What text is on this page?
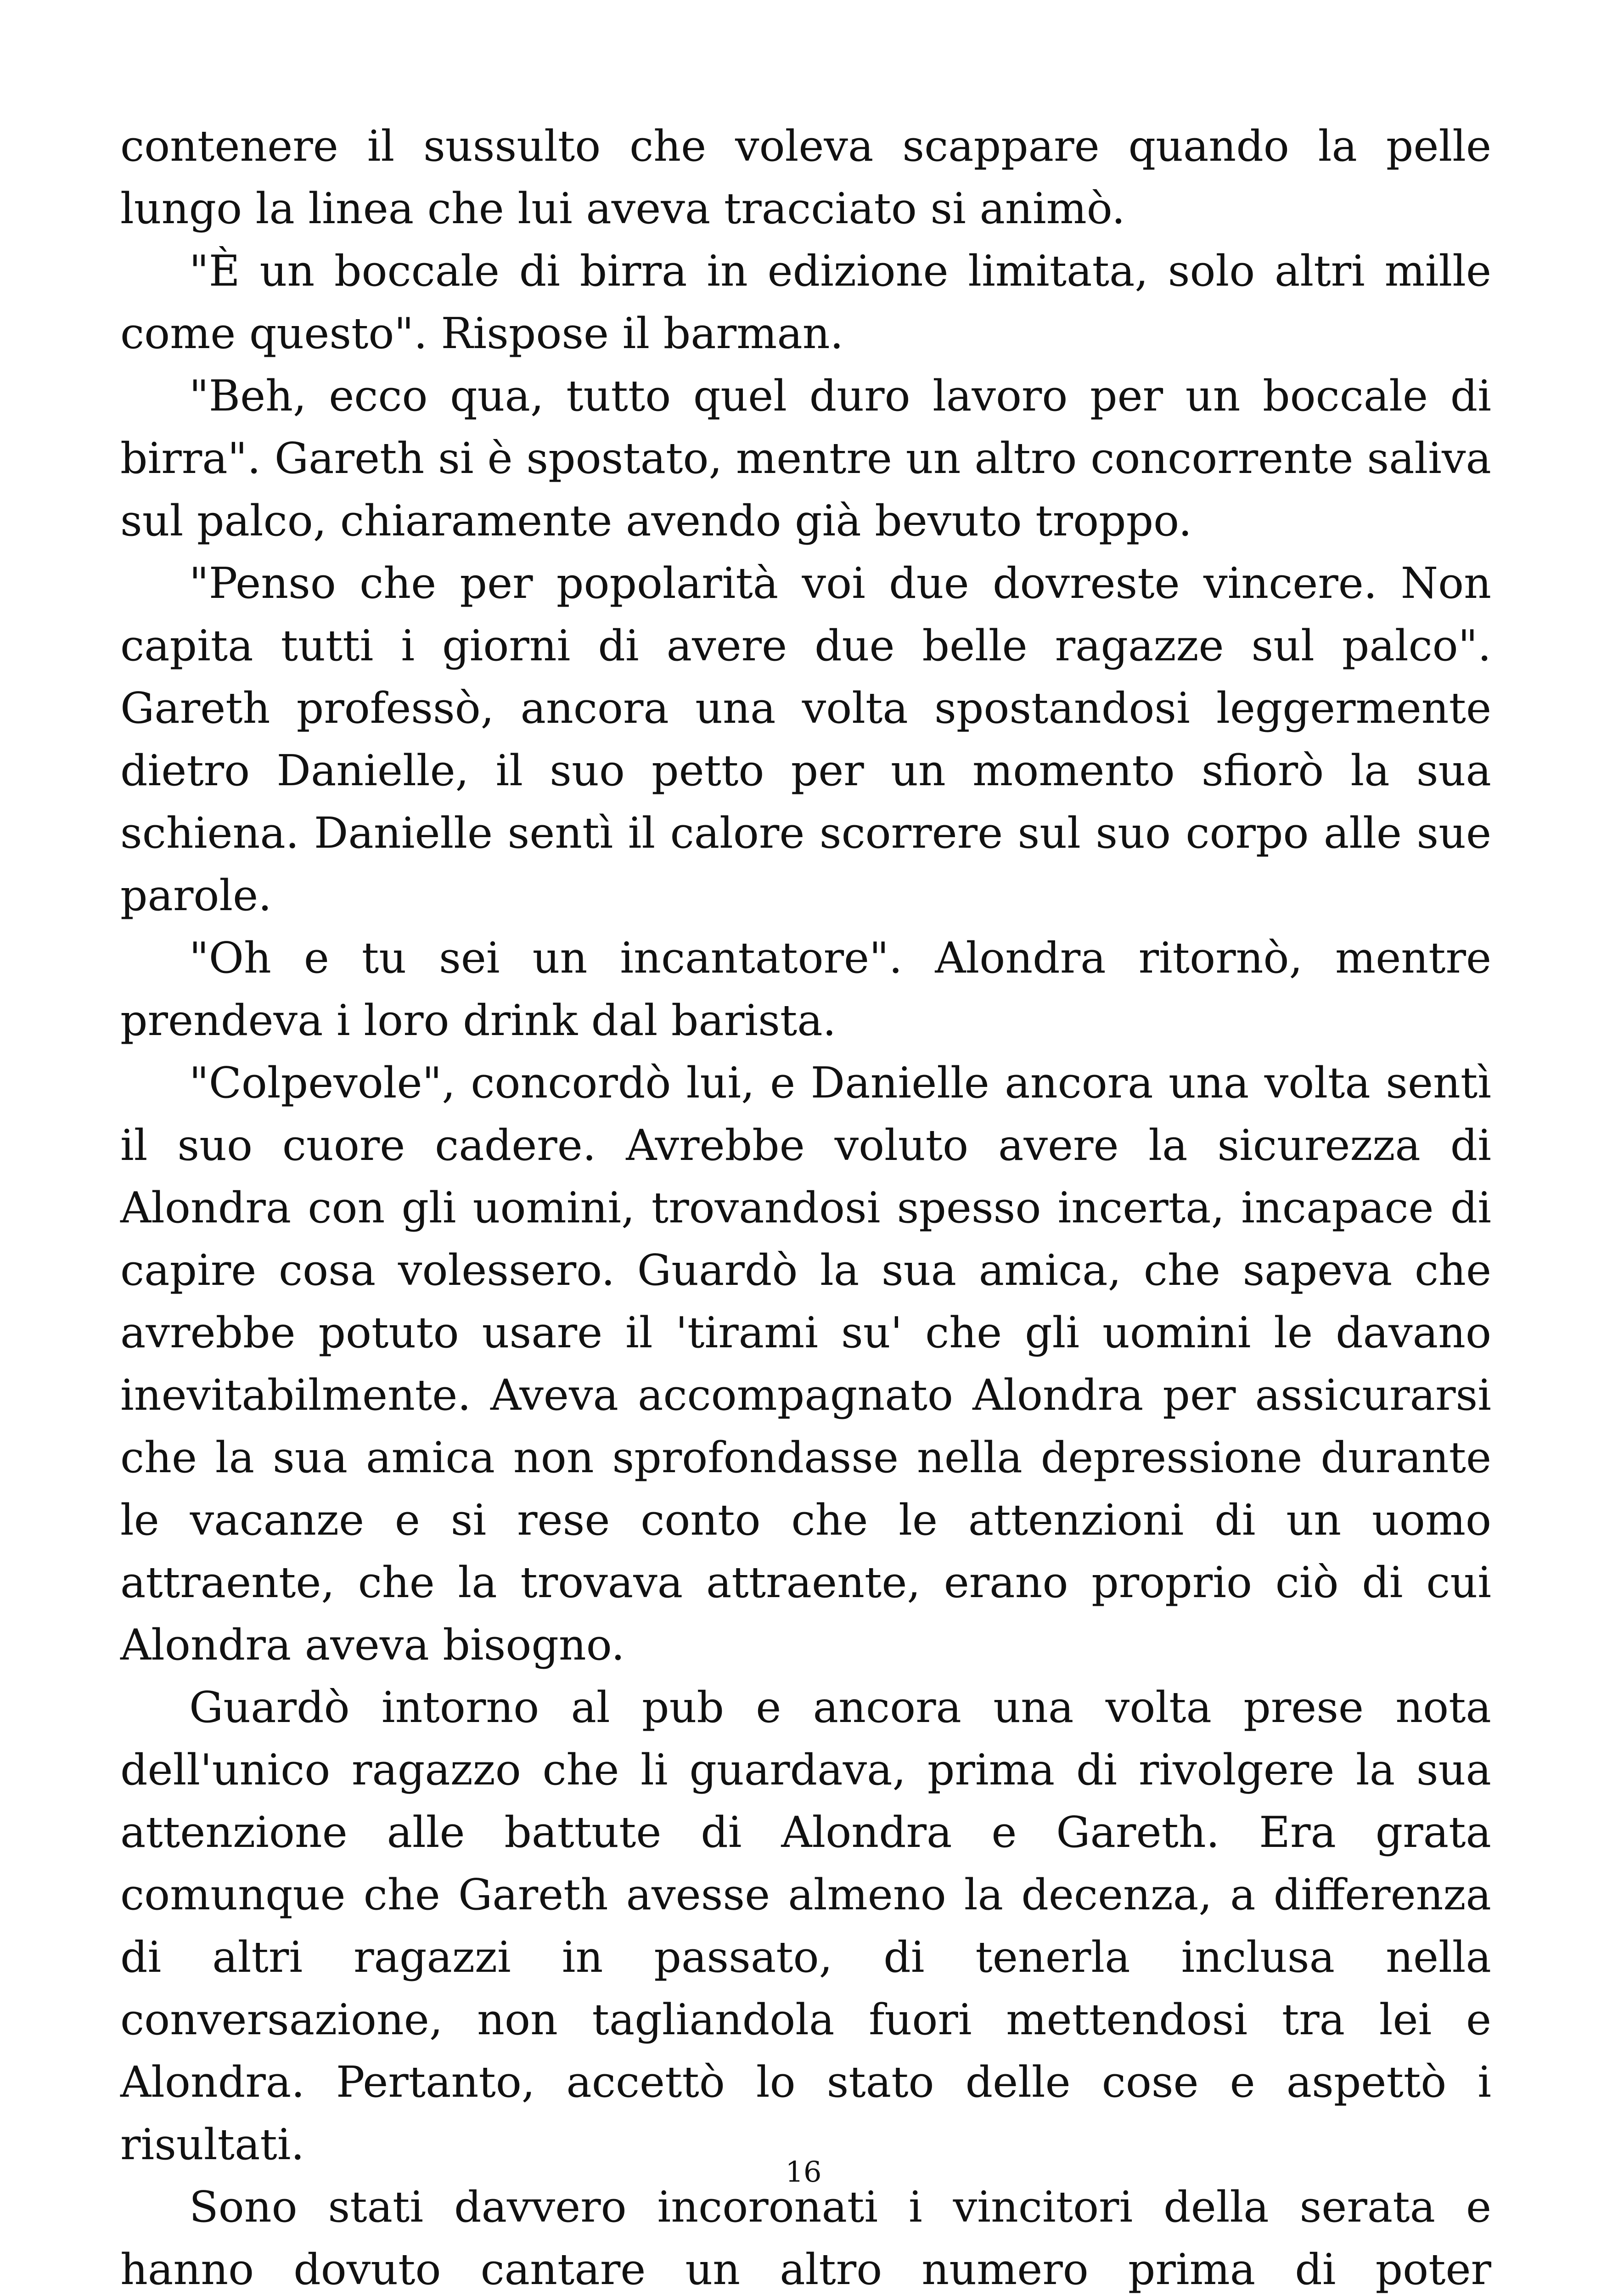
contenere il sussulto che voleva scappare quando la pelle lungo la linea che lui aveva tracciato si animò.

"È un boccale di birra in edizione limitata, solo altri mille come questo". Rispose il barman.

"Beh, ecco qua, tutto quel duro lavoro per un boccale di birra". Gareth si è spostato, mentre un altro concorrente saliva sul palco, chiaramente avendo già bevuto troppo.

"Penso che per popolarità voi due dovreste vincere. Non capita tutti i giorni di avere due belle ragazze sul palco". Gareth professò, ancora una volta spostandosi leggermente dietro Danielle, il suo petto per un momento sfiorò la sua schiena. Danielle sentì il calore scorrere sul suo corpo alle sue parole.

"Oh e tu sei un incantatore". Alondra ritornò, mentre prendeva i loro drink dal barista.

"Colpevole", concordò lui, e Danielle ancora una volta sentì il suo cuore cadere. Avrebbe voluto avere la sicurezza di Alondra con gli uomini, trovandosi spesso incerta, incapace di capire cosa volessero. Guardò la sua amica, che sapeva che avrebbe potuto usare il 'tirami su' che gli uomini le davano inevitabilmente. Aveva accompagnato Alondra per assicurarsi che la sua amica non sprofondasse nella depressione durante le vacanze e si rese conto che le attenzioni di un uomo attraente, che la trovava attraente, erano proprio ciò di cui Alondra aveva bisogno.

Guardò intorno al pub e ancora una volta prese nota dell'unico ragazzo che li guardava, prima di rivolgere la sua attenzione alle battute di Alondra e Gareth. Era grata comunque che Gareth avesse almeno la decenza, a differenza di altri ragazzi in passato, di tenerla inclusa nella conversazione, non tagliandola fuori mettendosi tra lei e Alondra. Pertanto, accettò lo stato delle cose e aspettò i risultati.

Sono stati davvero incoronati i vincitori della serata e hanno dovuto cantare un altro numero prima di poter

16
